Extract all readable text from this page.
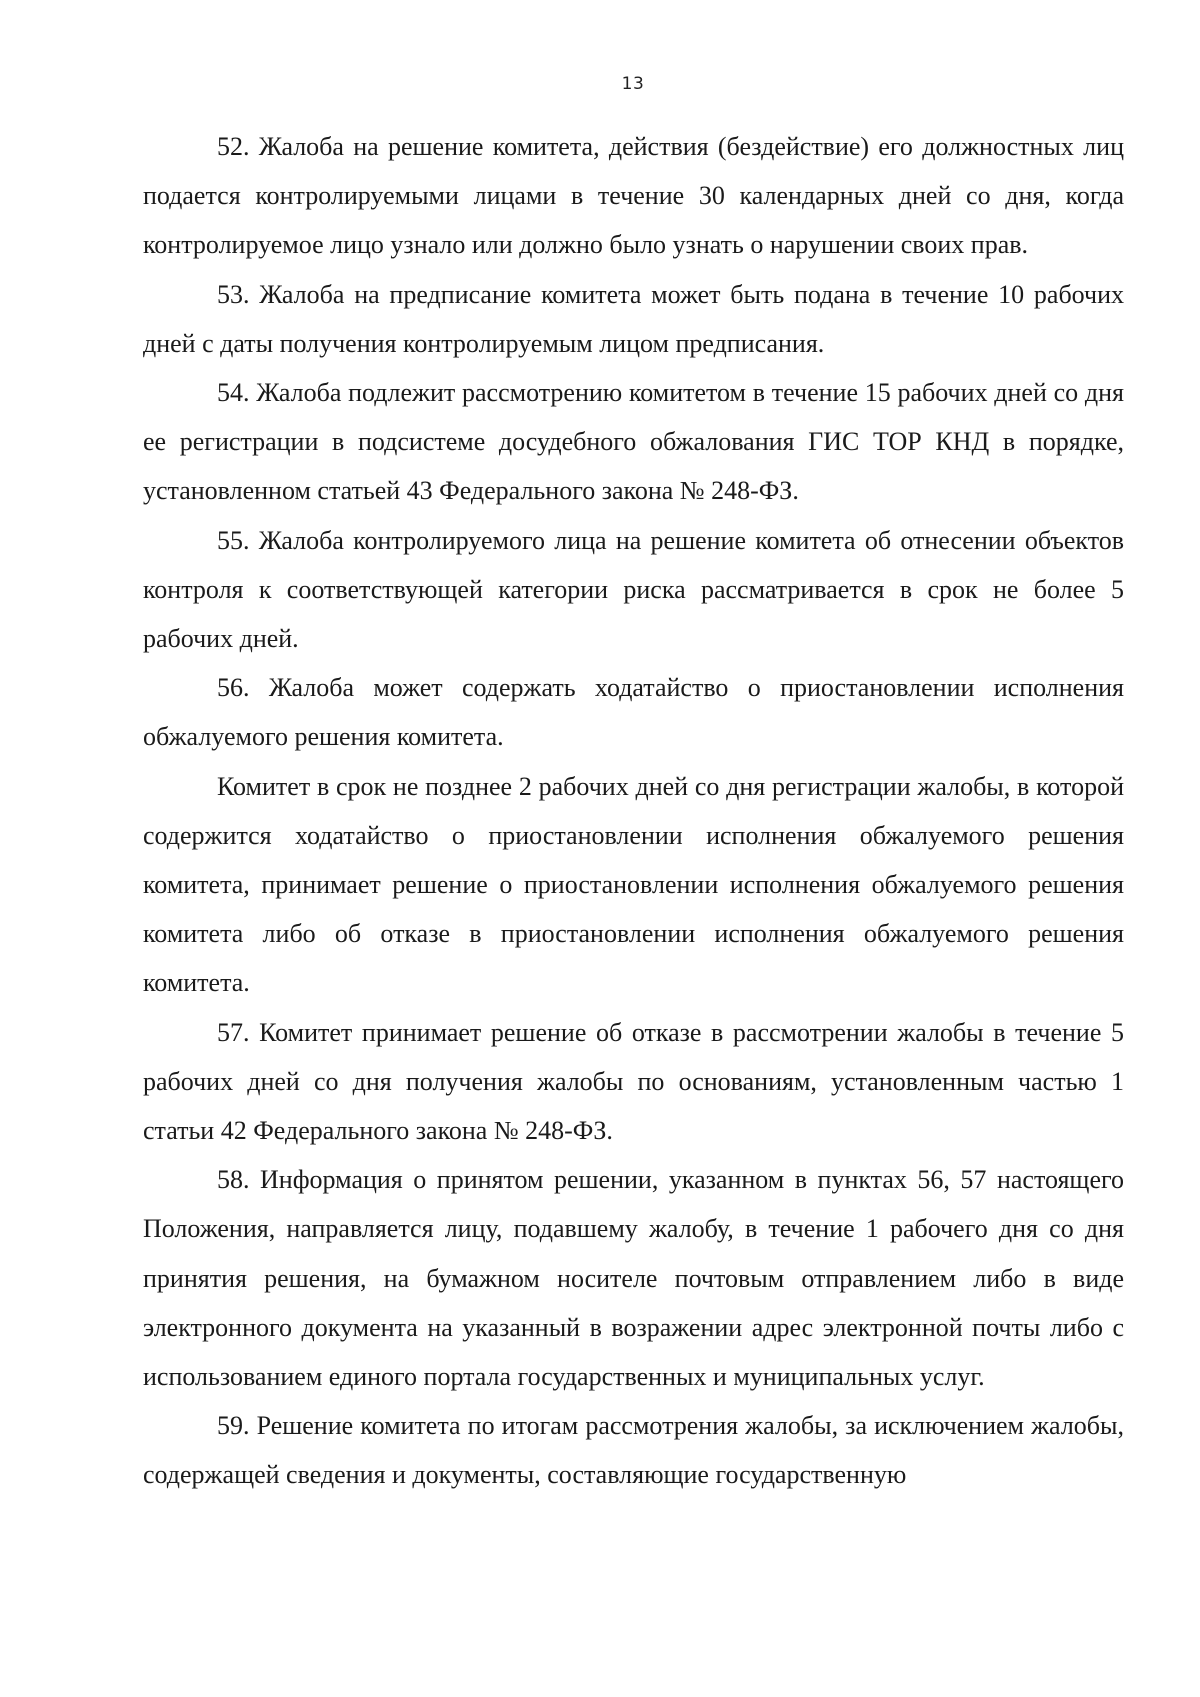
13

52. Жалоба на решение комитета, действия (бездействие) его должностных лиц подается контролируемыми лицами в течение 30 календарных дней со дня, когда контролируемое лицо узнало или должно было узнать о нарушении своих прав.

53. Жалоба на предписание комитета может быть подана в течение 10 рабочих дней с даты получения контролируемым лицом предписания.

54. Жалоба подлежит рассмотрению комитетом в течение 15 рабочих дней со дня ее регистрации в подсистеме досудебного обжалования ГИС ТОР КНД в порядке, установленном статьей 43 Федерального закона № 248-ФЗ.

55. Жалоба контролируемого лица на решение комитета об отнесении объектов контроля к соответствующей категории риска рассматривается в срок не более 5 рабочих дней.

56. Жалоба может содержать ходатайство о приостановлении исполнения обжалуемого решения комитета.

Комитет в срок не позднее 2 рабочих дней со дня регистрации жалобы, в которой содержится ходатайство о приостановлении исполнения обжалуемого решения комитета, принимает решение о приостановлении исполнения обжалуемого решения комитета либо об отказе в приостановлении исполнения обжалуемого решения комитета.

57. Комитет принимает решение об отказе в рассмотрении жалобы в течение 5 рабочих дней со дня получения жалобы по основаниям, установленным частью 1 статьи 42 Федерального закона № 248-ФЗ.

58. Информация о принятом решении, указанном в пунктах 56, 57 настоящего Положения, направляется лицу, подавшему жалобу, в течение 1 рабочего дня со дня принятия решения, на бумажном носителе почтовым отправлением либо в виде электронного документа на указанный в возражении адрес электронной почты либо с использованием единого портала государственных и муниципальных услуг.

59. Решение комитета по итогам рассмотрения жалобы, за исключением жалобы, содержащей сведения и документы, составляющие государственную
